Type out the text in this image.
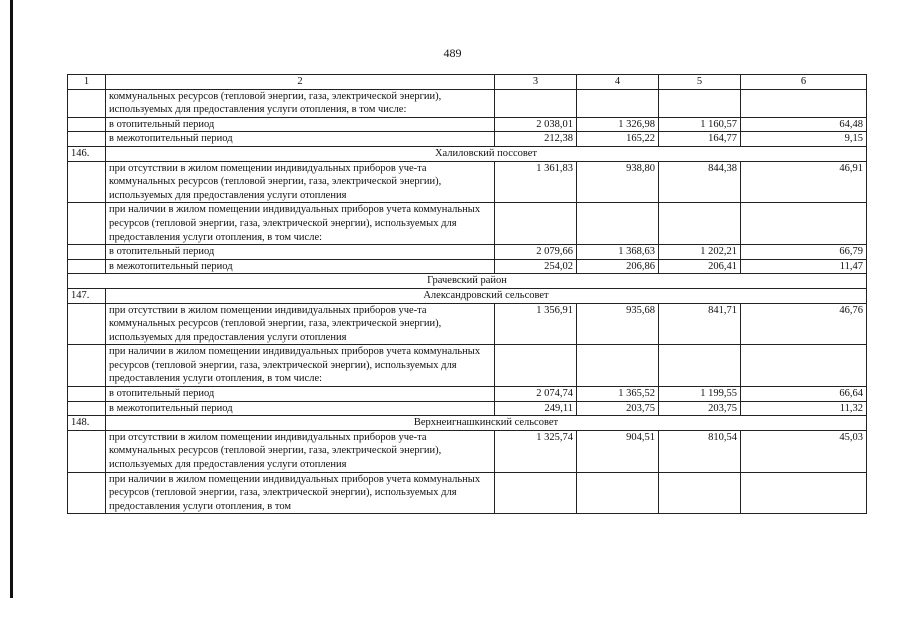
489
1	2	3	4	5	6
	коммунальных ресурсов (тепловой энергии, газа, электрической энергии), используемых для предоставления услуги отопления, в том числе:				
	в отопительный период	2 038,01	1 326,98	1 160,57	64,48
	в межотопительный период	212,38	165,22	164,77	9,15
146.	Халиловский поссовет				
	при отсутствии в жилом помещении индивидуальных приборов уче-та коммунальных ресурсов (тепловой энергии, газа, электрической энергии), используемых для предоставления услуги отопления	1 361,83	938,80	844,38	46,91
	при наличии в жилом помещении индивидуальных приборов учета коммунальных ресурсов (тепловой энергии, газа, электрической энергии), используемых для предоставления услуги отопления, в том числе:				
	в отопительный период	2 079,66	1 368,63	1 202,21	66,79
	в межотопительный период	254,02	206,86	206,41	11,47
Грачевский район					
147.	Александровский сельсовет				
	при отсутствии в жилом помещении индивидуальных приборов уче-та коммунальных ресурсов (тепловой энергии, газа, электрической энергии), используемых для предоставления услуги отопления	1 356,91	935,68	841,71	46,76
	при наличии в жилом помещении индивидуальных приборов учета коммунальных ресурсов (тепловой энергии, газа, электрической энергии), используемых для предоставления услуги отопления, в том числе:				
	в отопительный период	2 074,74	1 365,52	1 199,55	66,64
	в межотопительный период	249,11	203,75	203,75	11,32
148.	Верхнеигнашкинский сельсовет				
	при отсутствии в жилом помещении индивидуальных приборов уче-та коммунальных ресурсов (тепловой энергии, газа, электрической энергии), используемых для предоставления услуги отопления	1 325,74	904,51	810,54	45,03
	при наличии в жилом помещении индивидуальных приборов учета коммунальных ресурсов (тепловой энергии, газа, электрической энергии), используемых для предоставления услуги отопления, в том				
